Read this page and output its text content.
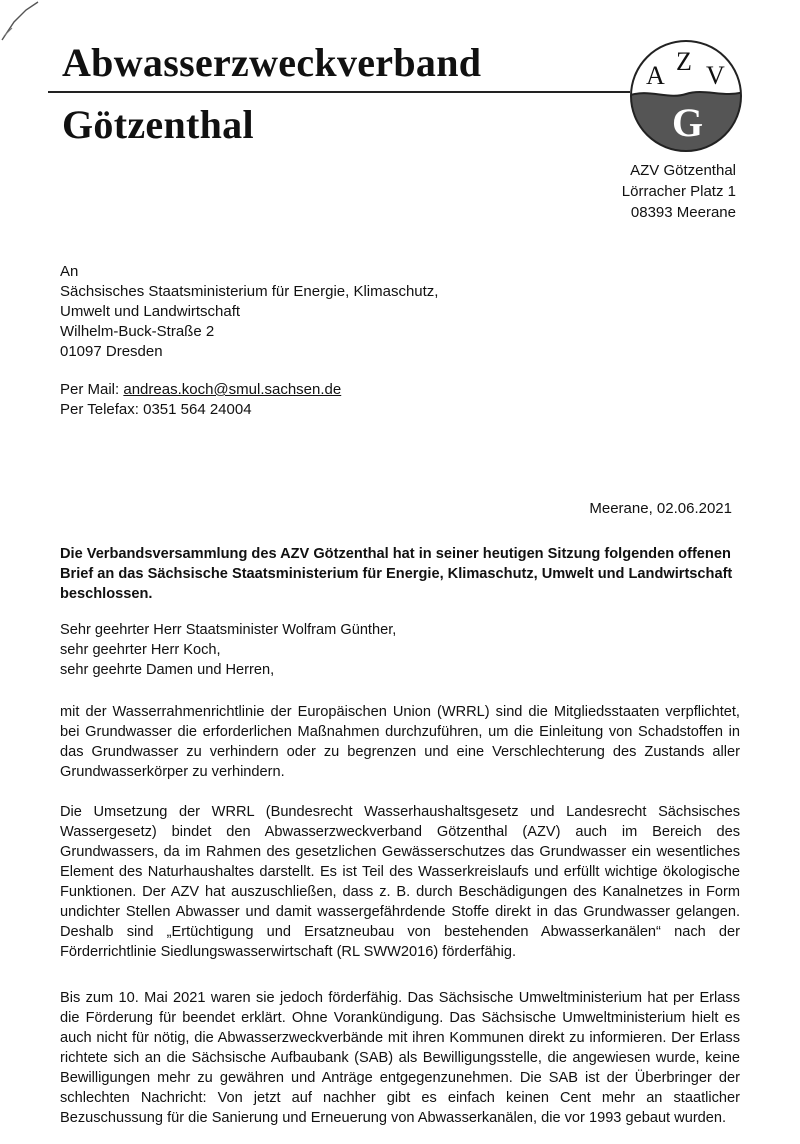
Abwasserzweckverband
Götzenthal
A Z V
G
AZV Götzenthal
Lörracher Platz 1
08393 Meerane
An
Sächsisches Staatsministerium für Energie, Klimaschutz,
Umwelt und Landwirtschaft
Wilhelm-Buck-Straße 2
01097 Dresden
Per Mail: andreas.koch@smul.sachsen.de
Per Telefax: 0351 564 24004
Meerane, 02.06.2021
Die Verbandsversammlung des AZV Götzenthal hat in seiner heutigen Sitzung folgenden offenen Brief an das Sächsische Staatsministerium für Energie, Klimaschutz, Umwelt und Landwirtschaft beschlossen.
Sehr geehrter Herr Staatsminister Wolfram Günther,
sehr geehrter Herr Koch,
sehr geehrte Damen und Herren,

mit der Wasserrahmenrichtlinie der Europäischen Union (WRRL) sind die Mitgliedsstaaten verpflichtet, bei Grundwasser die erforderlichen Maßnahmen durchzuführen, um die Einleitung von Schadstoffen in das Grundwasser zu verhindern oder zu begrenzen und eine Verschlechterung des Zustands aller Grundwasserkörper zu verhindern.

Die Umsetzung der WRRL (Bundesrecht Wasserhaushaltsgesetz und Landesrecht Sächsisches Wassergesetz) bindet den Abwasserzweckverband Götzenthal (AZV) auch im Bereich des Grundwassers, da im Rahmen des gesetzlichen Gewässerschutzes das Grundwasser ein wesentliches Element des Naturhaushaltes darstellt. Es ist Teil des Wasserkreislaufs und erfüllt wichtige ökologische Funktionen. Der AZV hat auszuschließen, dass z. B. durch Beschädigungen des Kanalnetzes in Form undichter Stellen Abwasser und damit wassergefährdende Stoffe direkt in das Grundwasser gelangen. Deshalb sind „Ertüchtigung und Ersatzneubau von bestehenden Abwasserkanälen“ nach der Förderrichtlinie Siedlungswasserwirtschaft (RL SWW2016) förderfähig.

Bis zum 10. Mai 2021 waren sie jedoch förderfähig. Das Sächsische Umweltministerium hat per Erlass die Förderung für beendet erklärt. Ohne Vorankündigung. Das Sächsische Umweltministerium hielt es auch nicht für nötig, die Abwasserzweckverbände mit ihren Kommunen direkt zu informieren. Der Erlass richtete sich an die Sächsische Aufbaubank (SAB) als Bewilligungsstelle, die angewiesen wurde, keine Bewilligungen mehr zu gewähren und Anträge entgegenzunehmen. Die SAB ist der Überbringer der schlechten Nachricht: Von jetzt auf nachher gibt es einfach keinen Cent mehr an staatlicher Bezuschussung für die Sanierung und Erneuerung von Abwasserkanälen, die vor 1993 gebaut wurden.
